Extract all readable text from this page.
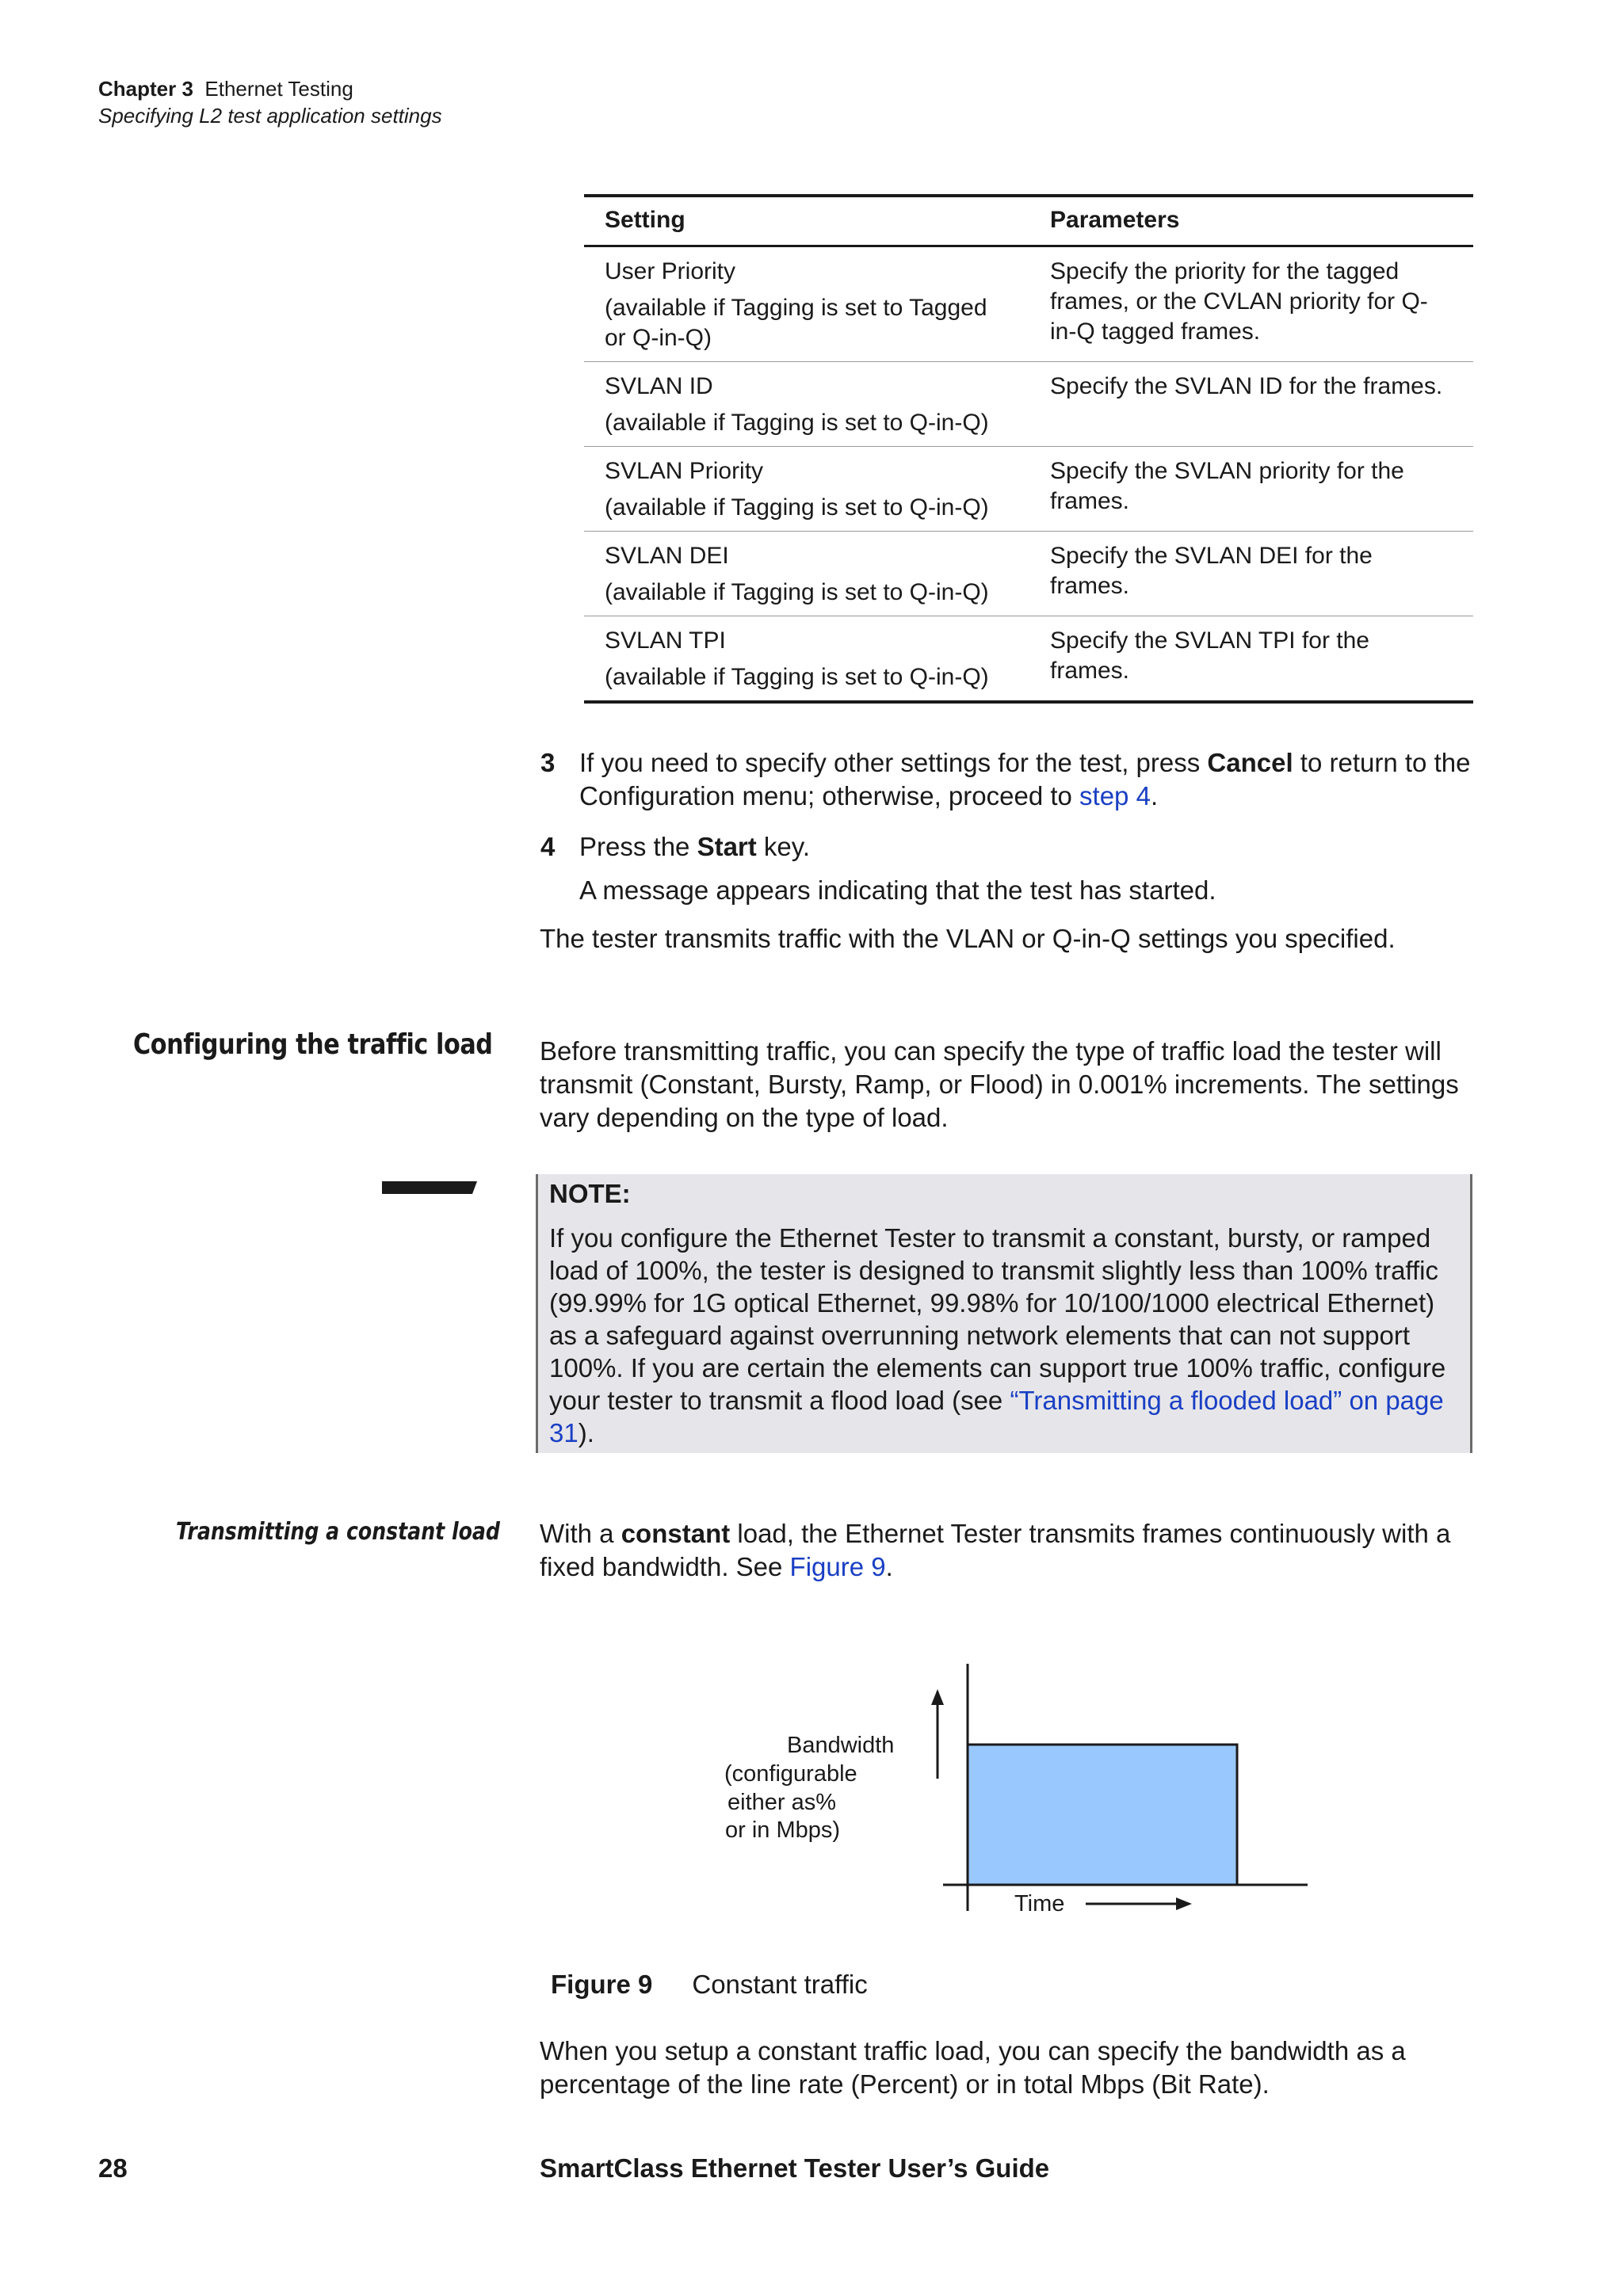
Chapter 3 Ethernet Testing
Specifying L2 test application settings
Setting	Parameters

User Priority
(available if Tagging is set to Tagged or Q-in-Q)	Specify the priority for the tagged frames, or the CVLAN priority for Q-in-Q tagged frames.

SVLAN ID
(available if Tagging is set to Q-in-Q)	Specify the SVLAN ID for the frames.

SVLAN Priority
(available if Tagging is set to Q-in-Q)	Specify the SVLAN priority for the frames.

SVLAN DEI
(available if Tagging is set to Q-in-Q)	Specify the SVLAN DEI for the frames.

SVLAN TPI
(available if Tagging is set to Q-in-Q)	Specify the SVLAN TPI for the frames.
3 If you need to specify other settings for the test, press Cancel to return to the Configuration menu; otherwise, proceed to step 4.
4 Press the Start key.
A message appears indicating that the test has started.
The tester transmits traffic with the VLAN or Q-in-Q settings you specified.
Configuring the traffic load Before transmitting traffic, you can specify the type of traffic load the tester will transmit (Constant, Bursty, Ramp, or Flood) in 0.001% increments. The settings vary depending on the type of load.
NOTE:
If you configure the Ethernet Tester to transmit a constant, bursty, or ramped load of 100%, the tester is designed to transmit slightly less than 100% traffic (99.99% for 1G optical Ethernet, 99.98% for 10/100/1000 electrical Ethernet) as a safeguard against overrunning network elements that can not support 100%. If you are certain the elements can support true 100% traffic, configure your tester to transmit a flood load (see “Transmitting a flooded load” on page 31).
Transmitting a constant load With a constant load, the Ethernet Tester transmits frames continuously with a fixed bandwidth. See Figure 9.
Bandwidth
(configurable
either as%
or in Mbps)
Time
Figure 9 Constant traffic
When you setup a constant traffic load, you can specify the bandwidth as a percentage of the line rate (Percent) or in total Mbps (Bit Rate).
28	SmartClass Ethernet Tester User’s Guide
